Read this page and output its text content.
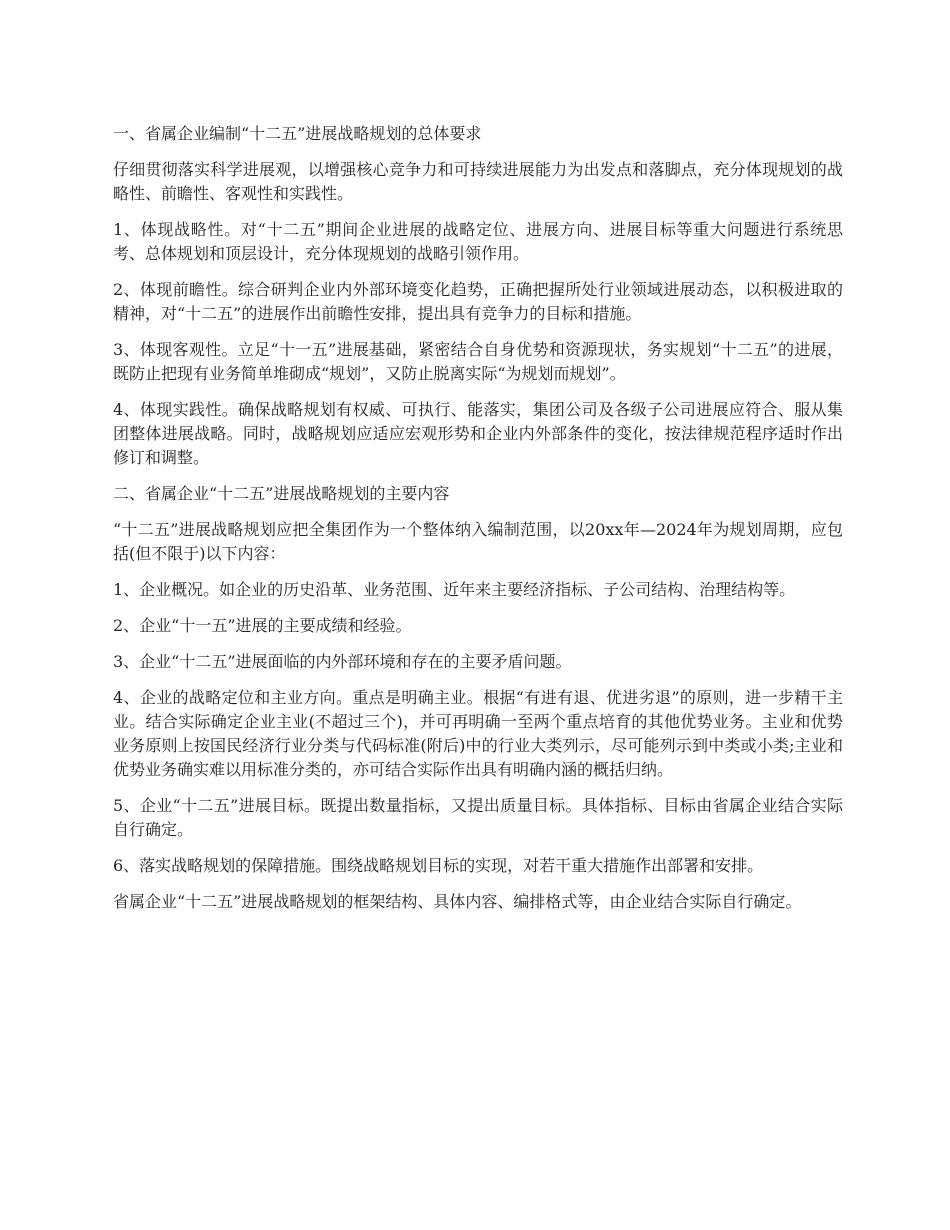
一、省属企业编制“十二五”进展战略规划的总体要求

仔细贯彻落实科学进展观，以增强核心竞争力和可持续进展能力为出发点和落脚点，充分体现规划的战略性、前瞻性、客观性和实践性。

1、体现战略性。对“十二五”期间企业进展的战略定位、进展方向、进展目标等重大问题进行系统思考、总体规划和顶层设计，充分体现规划的战略引领作用。

2、体现前瞻性。综合研判企业内外部环境变化趋势，正确把握所处行业领域进展动态，以积极进取的精神，对“十二五”的进展作出前瞻性安排，提出具有竞争力的目标和措施。

3、体现客观性。立足“十一五”进展基础，紧密结合自身优势和资源现状，务实规划“十二五”的进展，既防止把现有业务简单堆砌成“规划”，又防止脱离实际“为规划而规划”。

4、体现实践性。确保战略规划有权威、可执行、能落实，集团公司及各级子公司进展应符合、服从集团整体进展战略。同时，战略规划应适应宏观形势和企业内外部条件的变化，按法律规范程序适时作出修订和调整。

二、省属企业“十二五”进展战略规划的主要内容

“十二五”进展战略规划应把全集团作为一个整体纳入编制范围，以20xx年—2024年为规划周期，应包括(但不限于)以下内容：

1、企业概况。如企业的历史沿革、业务范围、近年来主要经济指标、子公司结构、治理结构等。

2、企业“十一五”进展的主要成绩和经验。

3、企业“十二五”进展面临的内外部环境和存在的主要矛盾问题。

4、企业的战略定位和主业方向。重点是明确主业。根据“有进有退、优进劣退”的原则，进一步精干主业。结合实际确定企业主业(不超过三个)，并可再明确一至两个重点培育的其他优势业务。主业和优势业务原则上按国民经济行业分类与代码标准(附后)中的行业大类列示，尽可能列示到中类或小类;主业和优势业务确实难以用标准分类的，亦可结合实际作出具有明确内涵的概括归纳。

5、企业“十二五”进展目标。既提出数量指标，又提出质量目标。具体指标、目标由省属企业结合实际自行确定。

6、落实战略规划的保障措施。围绕战略规划目标的实现，对若干重大措施作出部署和安排。

省属企业“十二五”进展战略规划的框架结构、具体内容、编排格式等，由企业结合实际自行确定。
